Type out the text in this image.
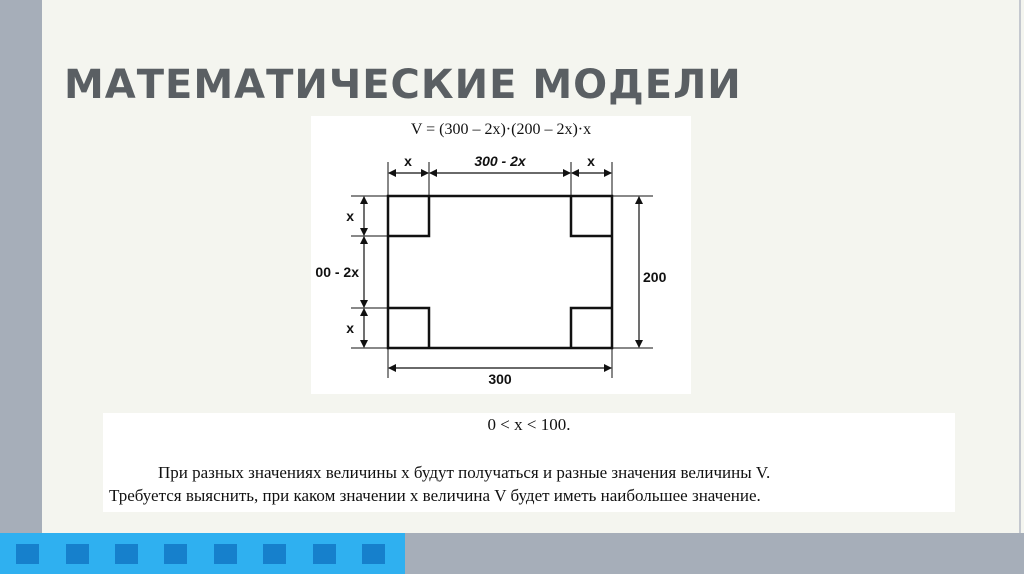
МАТЕМАТИЧЕСКИЕ МОДЕЛИ
V = (300 – 2x)·(200 – 2x)·x
x	300 - 2x	x
x
00 - 2x
x
200
300
0 < x < 100.
При разных значениях величины x будут получаться и разные значения величины V.
Требуется выяснить, при каком значении x величина V будет иметь наибольшее значение.
